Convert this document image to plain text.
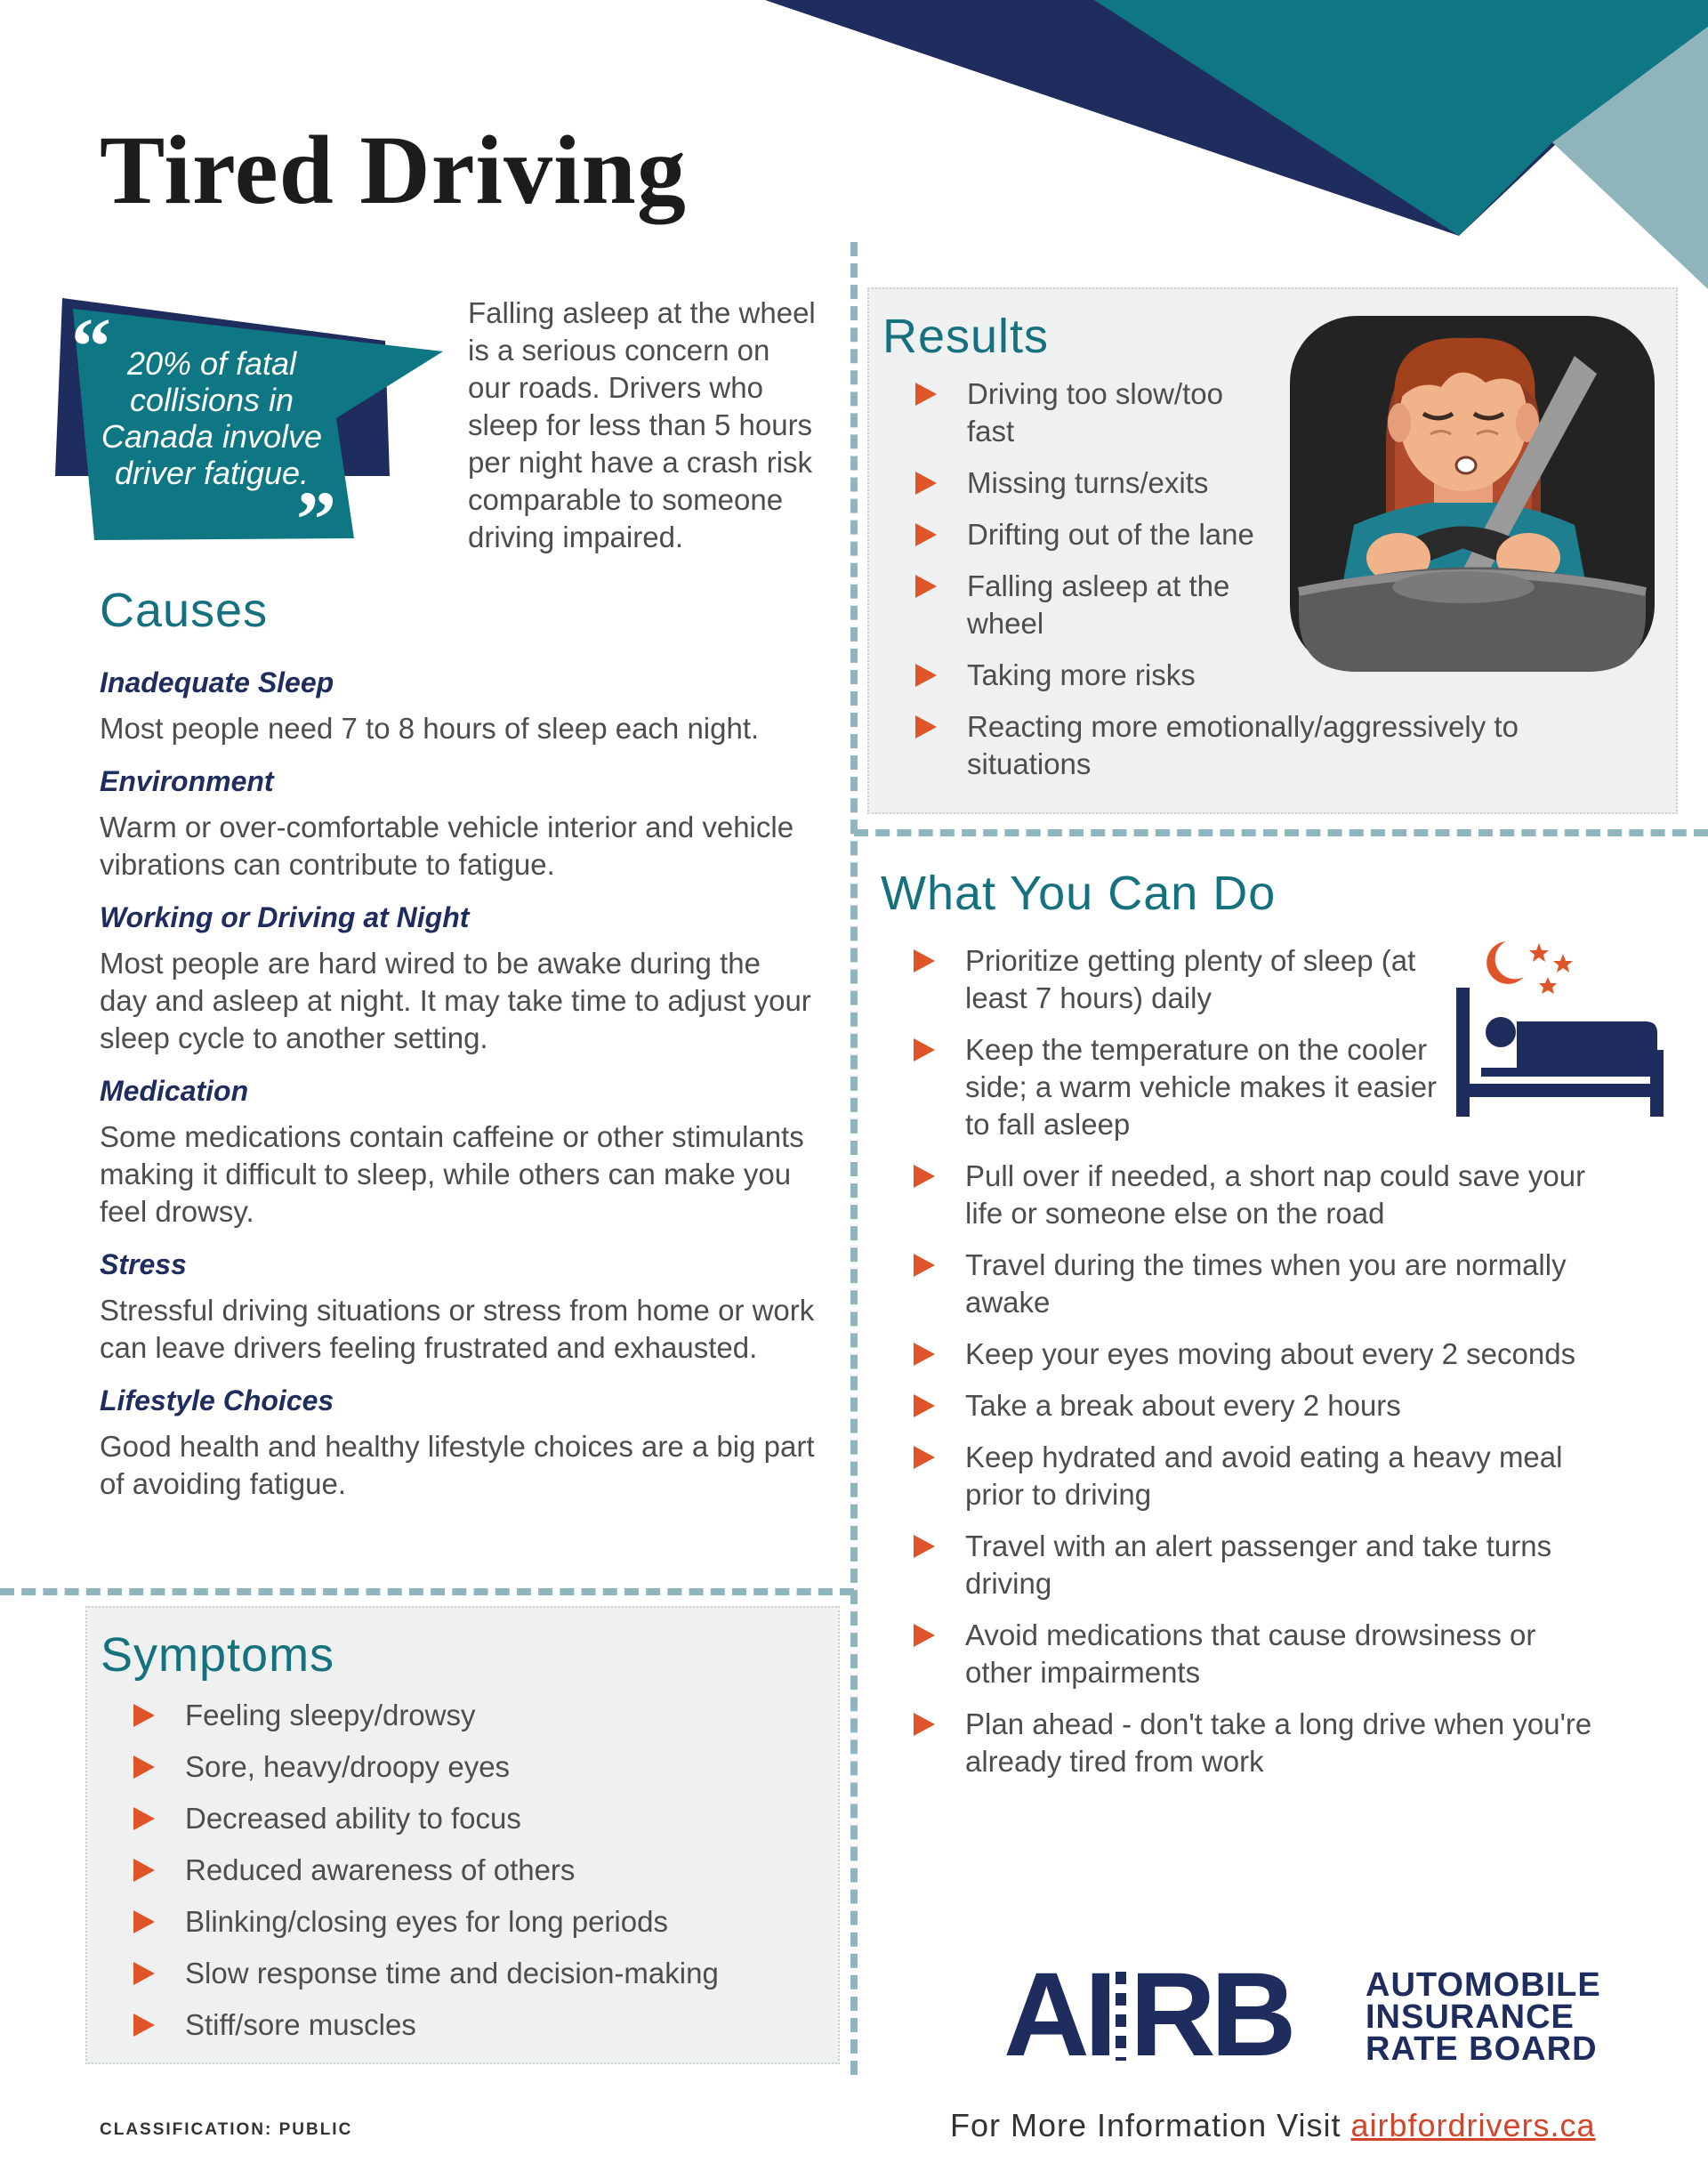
Tired Driving
“
”
20% of fatal
collisions in
Canada involve
driver fatigue.
Falling asleep at the wheel
is a serious concern on
our roads. Drivers who
sleep for less than 5 hours
per night have a crash risk
comparable to someone
driving impaired.
Causes
Inadequate Sleep
Most people need 7 to 8 hours of sleep each night.
Environment
Warm or over-comfortable vehicle interior and vehicle
vibrations can contribute to fatigue.
Working or Driving at Night
Most people are hard wired to be awake during the
day and asleep at night. It may take time to adjust your
sleep cycle to another setting.
Medication
Some medications contain caffeine or other stimulants
making it difficult to sleep, while others can make you
feel drowsy.
Stress
Stressful driving situations or stress from home or work
can leave drivers feeling frustrated and exhausted.
Lifestyle Choices
Good health and healthy lifestyle choices are a big part
of avoiding fatigue.
Symptoms
Feeling sleepy/drowsy
Sore, heavy/droopy eyes
Decreased ability to focus
Reduced awareness of others
Blinking/closing eyes for long periods
Slow response time and decision-making
Stiff/sore muscles
Results
Driving too slow/too
fast
Missing turns/exits
Drifting out of the lane
Falling asleep at the
wheel
Taking more risks
Reacting more emotionally/aggressively to
situations
What You Can Do
Prioritize getting plenty of sleep (at
least 7 hours) daily
Keep the temperature on the cooler
side; a warm vehicle makes it easier
to fall asleep
Pull over if needed, a short nap could save your
life or someone else on the road
Travel during the times when you are normally
awake
Keep your eyes moving about every 2 seconds
Take a break about every 2 hours
Keep hydrated and avoid eating a heavy meal
prior to driving
Travel with an alert passenger and take turns
driving
Avoid medications that cause drowsiness or
other impairments
Plan ahead - don't take a long drive when you're
already tired from work
AI RB AUTOMOBILE
INSURANCE
RATE BOARD
CLASSIFICATION: PUBLIC	For More Information Visit airbfordrivers.ca
